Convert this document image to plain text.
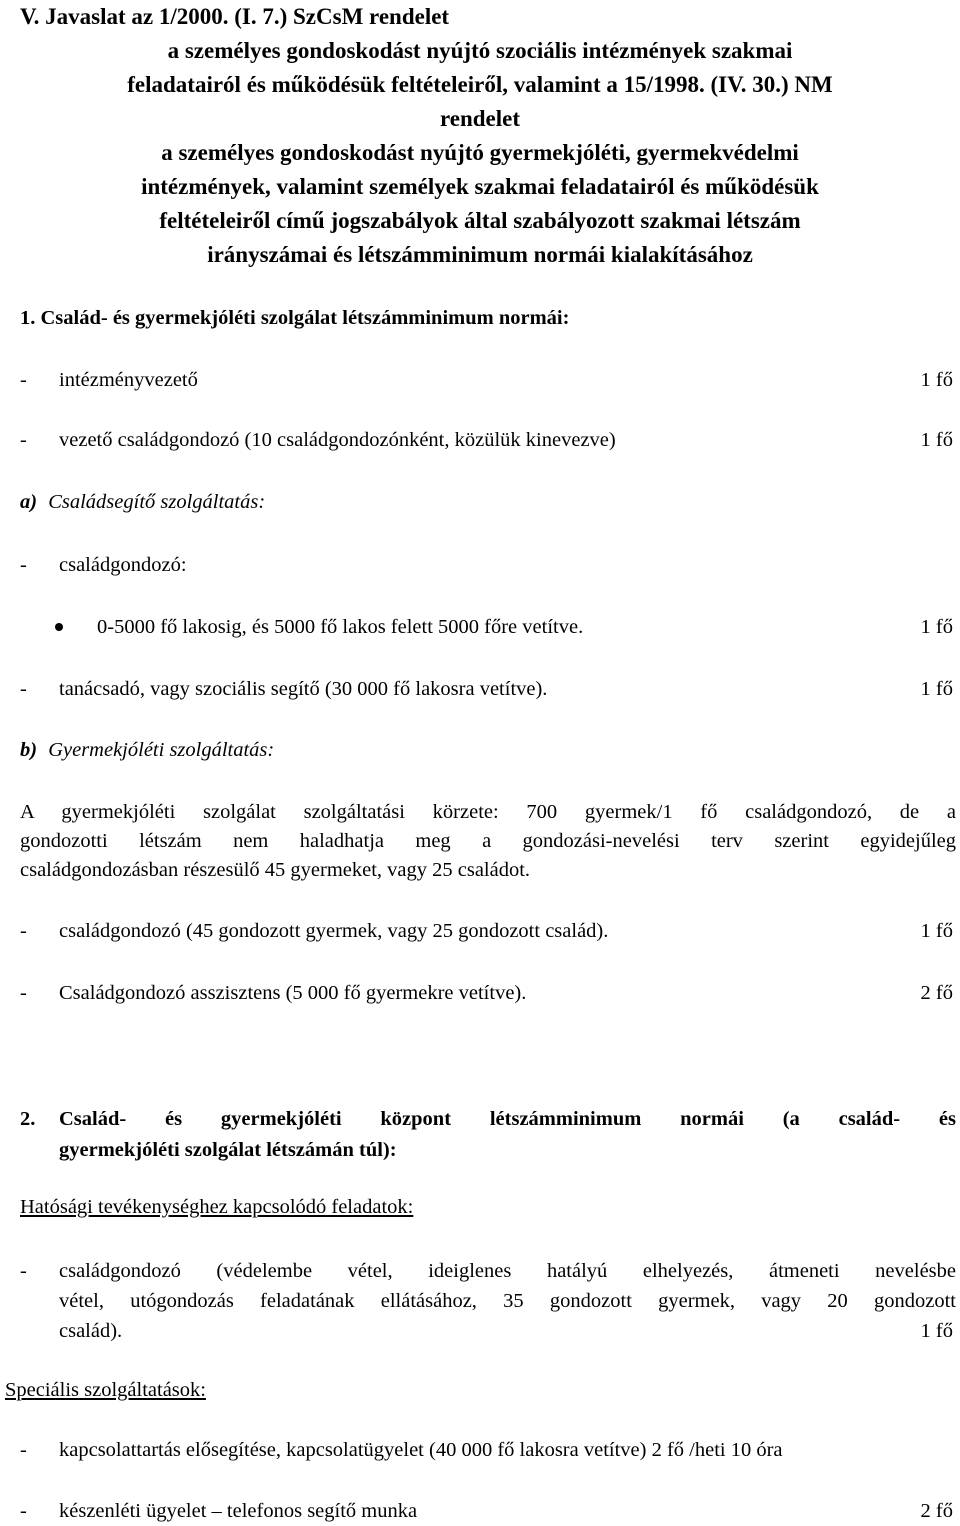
V. Javaslat az 1/2000. (I. 7.) SzCsM rendelet
a személyes gondoskodást nyújtó szociális intézmények szakmai
feladatairól és működésük feltételeiről, valamint a 15/1998. (IV. 30.) NM
rendelet
a személyes gondoskodást nyújtó gyermekjóléti, gyermekvédelmi
intézmények, valamint személyek szakmai feladatairól és működésük
feltételeiről című jogszabályok által szabályozott szakmai létszám
irányszámai és létszámminimum normái kialakításához
1. Család- és gyermekjóléti szolgálat létszámminimum normái:
- intézményvezető	1 fő
- vezető családgondozó (10 családgondozónként, közülük kinevezve)	1 fő
a) Családsegítő szolgáltatás:
- családgondozó:
0-5000 fő lakosig, és 5000 fő lakos felett 5000 főre vetítve.	1 fő
- tanácsadó, vagy szociális segítő (30 000 fő lakosra vetítve).	1 fő
b) Gyermekjóléti szolgáltatás:
A gyermekjóléti szolgálat szolgáltatási körzete: 700 gyermek/1 fő családgondozó, de a
gondozotti létszám nem haladhatja meg a gondozási-nevelési terv szerint egyidejűleg
családgondozásban részesülő 45 gyermeket, vagy 25 családot.
- családgondozó (45 gondozott gyermek, vagy 25 gondozott család).	1 fő
- Családgondozó asszisztens (5 000 fő gyermekre vetítve).	2 fő
2. Család- és gyermekjóléti központ létszámminimum normái (a család- és
gyermekjóléti szolgálat létszámán túl):
Hatósági tevékenységhez kapcsolódó feladatok:
- családgondozó (védelembe vétel, ideiglenes hatályú elhelyezés, átmeneti nevelésbe
vétel, utógondozás feladatának ellátásához, 35 gondozott gyermek, vagy 20 gondozott
család).	1 fő
Speciális szolgáltatások:
- kapcsolattartás elősegítése, kapcsolatügyelet (40 000 fő lakosra vetítve) 2 fő /heti 10 óra
- készenléti ügyelet – telefonos segítő munka	2 fő
